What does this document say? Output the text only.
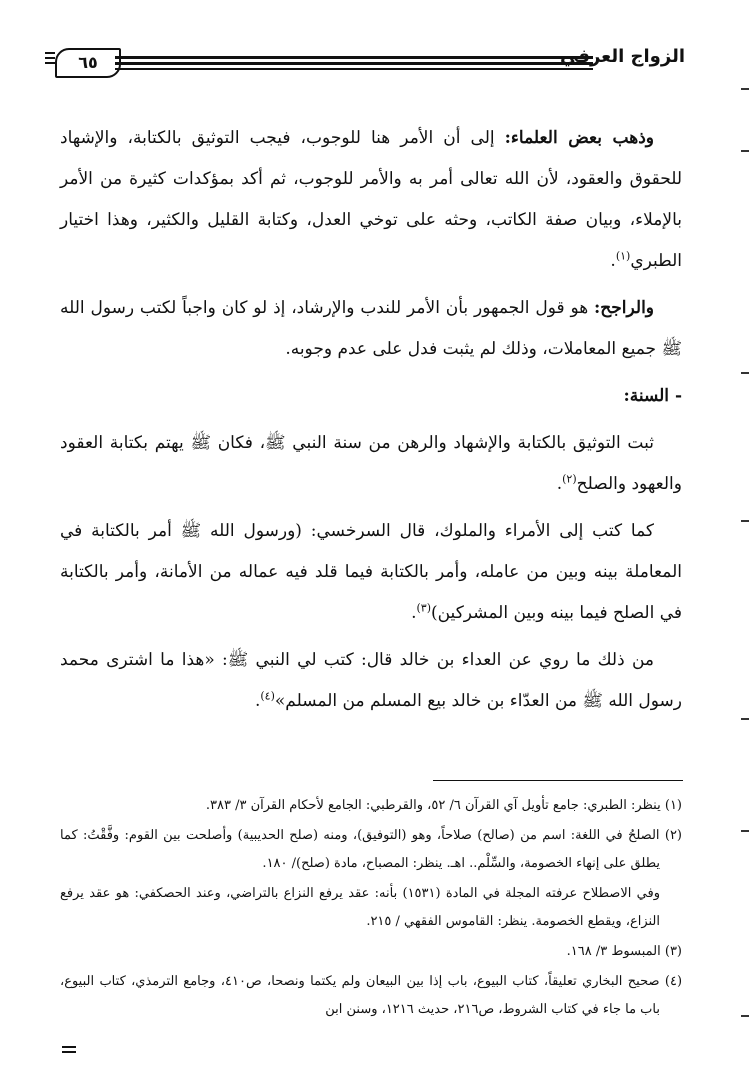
٦٥	الزواج العرفي

وذهب بعض العلماء: إلى أن الأمر هنا للوجوب، فيجب التوثيق بالكتابة، والإشهاد للحقوق والعقود، لأن الله تعالى أمر به والأمر للوجوب، ثم أكد بمؤكدات كثيرة من الأمر بالإملاء، وبيان صفة الكاتب، وحثه على توخي العدل، وكتابة القليل والكثير، وهذا اختيار الطبري$^{(١)}$.

والراجح: هو قول الجمهور بأن الأمر للندب والإرشاد، إذ لو كان واجباً لكتب رسول الله ﷺ جميع المعاملات، وذلك لم يثبت فدل على عدم وجوبه.

- السنة:

ثبت التوثيق بالكتابة والإشهاد والرهن من سنة النبي ﷺ، فكان ﷺ يهتم بكتابة العقود والعهود والصلح$^{(٢)}$.

كما كتب إلى الأمراء والملوك، قال السرخسي: (ورسول الله ﷺ أمر بالكتابة في المعاملة بينه وبين من عامله، وأمر بالكتابة فيما قلد فيه عماله من الأمانة، وأمر بالكتابة في الصلح فيما بينه وبين المشركين)$^{(٣)}$.

من ذلك ما روي عن العداء بن خالد قال: كتب لي النبي ﷺ: «هذا ما اشترى محمد رسول الله ﷺ من العدّاء بن خالد بيع المسلم من المسلم»$^{(٤)}$.

(١) ينظر: الطبري: جامع تأويل آي القرآن ٦/ ٥٢، والقرطبي: الجامع لأحكام القرآن ٣/ ٣٨٣.

(٢) الصلحُ في اللغة: اسم من (صالح) صلاحاً، وهو (التوفيق)، ومنه (صلح الحديبية) وأصلحت بين القوم: وفَّقْتُ: كما يطلق على إنهاء الخصومة، والسِّلْم.. اهـ. ينظر: المصباح، مادة (صلح)/ ١٨٠.

وفي الاصطلاح عرفته المجلة في المادة (١٥٣١) بأنه: عقد يرفع النزاع بالتراضي، وعند الحصكفي: هو عقد يرفع النزاع، ويقطع الخصومة. ينظر: القاموس الفقهي / ٢١٥.

(٣) المبسوط ٣/ ١٦٨.

(٤) صحيح البخاري تعليقاً، كتاب البيوع، باب إذا بين البيعان ولم يكتما ونصحا، ص٤١٠، وجامع الترمذي، كتاب البيوع، باب ما جاء في كتاب الشروط، ص٢١٦، حديث ١٢١٦، وسنن ابن
